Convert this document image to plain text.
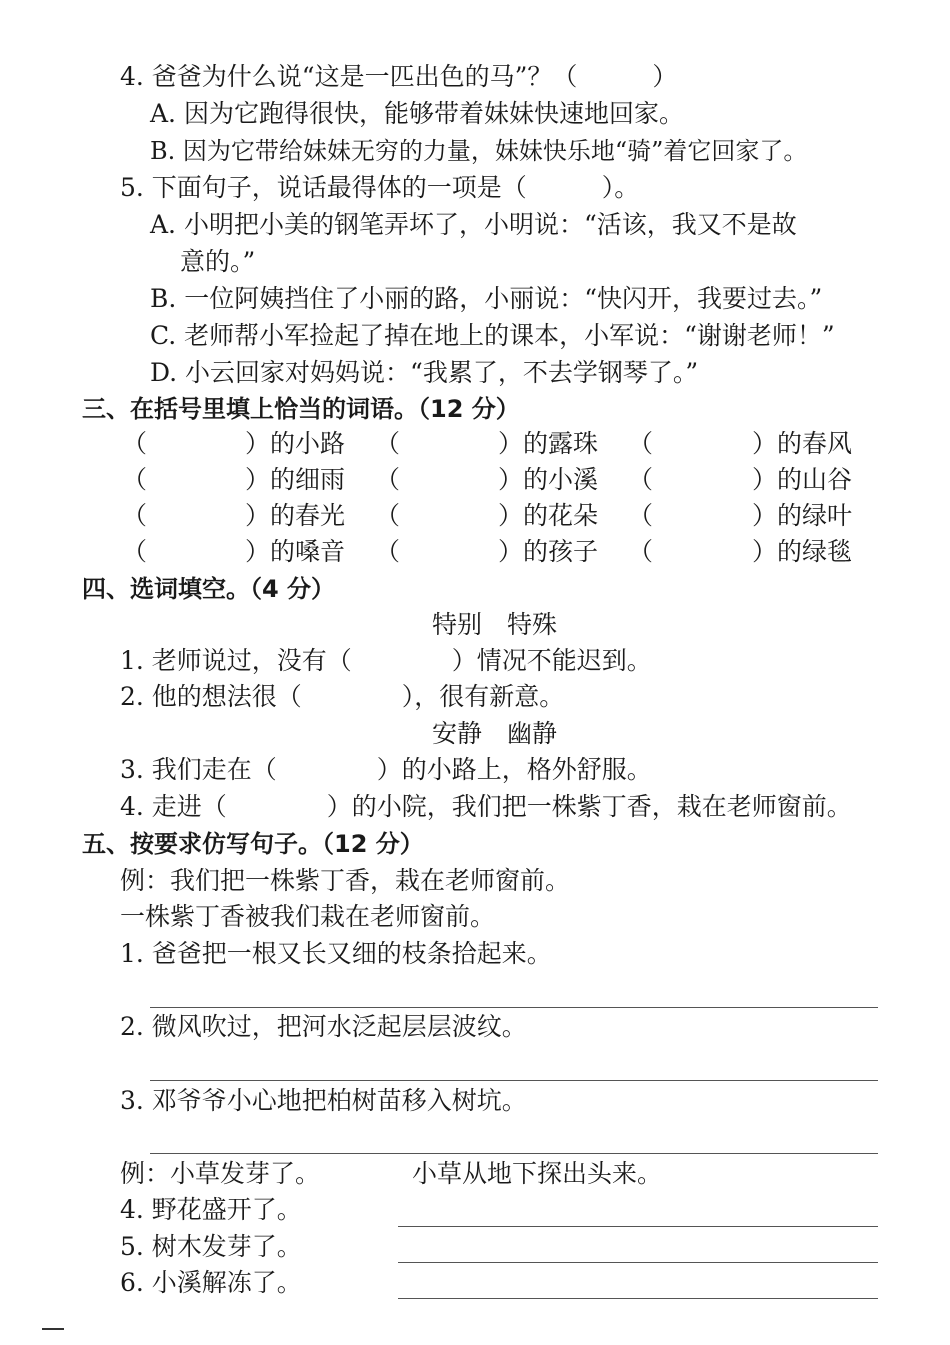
4. 爸爸为什么说“这是一匹出色的马”？（　　　）
A. 因为它跑得很快，能够带着妹妹快速地回家。
B. 因为它带给妹妹无穷的力量，妹妹快乐地“骑”着它回家了。
5. 下面句子，说话最得体的一项是（　　　）。
A. 小明把小美的钢笔弄坏了，小明说：“活该，我又不是故
意的。”
B. 一位阿姨挡住了小丽的路，小丽说：“快闪开，我要过去。”
C. 老师帮小军捡起了掉在地上的课本，小军说：“谢谢老师！”
D. 小云回家对妈妈说：“我累了，不去学钢琴了。”
三、在括号里填上恰当的词语。（12 分）
（	）的小路 （	）的露珠 （	）的春风
（	）的细雨 （	）的小溪 （	）的山谷
（	）的春光 （	）的花朵 （	）的绿叶
（	）的嗓音 （	）的孩子 （	）的绿毯
四、选词填空。（4 分）
特别　特殊
1. 老师说过，没有（　　　　）情况不能迟到。
2. 他的想法很（　　　　），很有新意。
安静　幽静
3. 我们走在（　　　　）的小路上，格外舒服。
4. 走进（　　　　）的小院，我们把一株紫丁香，栽在老师窗前。
五、按要求仿写句子。（12 分）
例：我们把一株紫丁香，栽在老师窗前。
一株紫丁香被我们栽在老师窗前。
1. 爸爸把一根又长又细的枝条拾起来。
2. 微风吹过，把河水泛起层层波纹。
3. 邓爷爷小心地把柏树苗移入树坑。
例：小草发芽了。	小草从地下探出头来。
4. 野花盛开了。
5. 树木发芽了。
6. 小溪解冻了。
